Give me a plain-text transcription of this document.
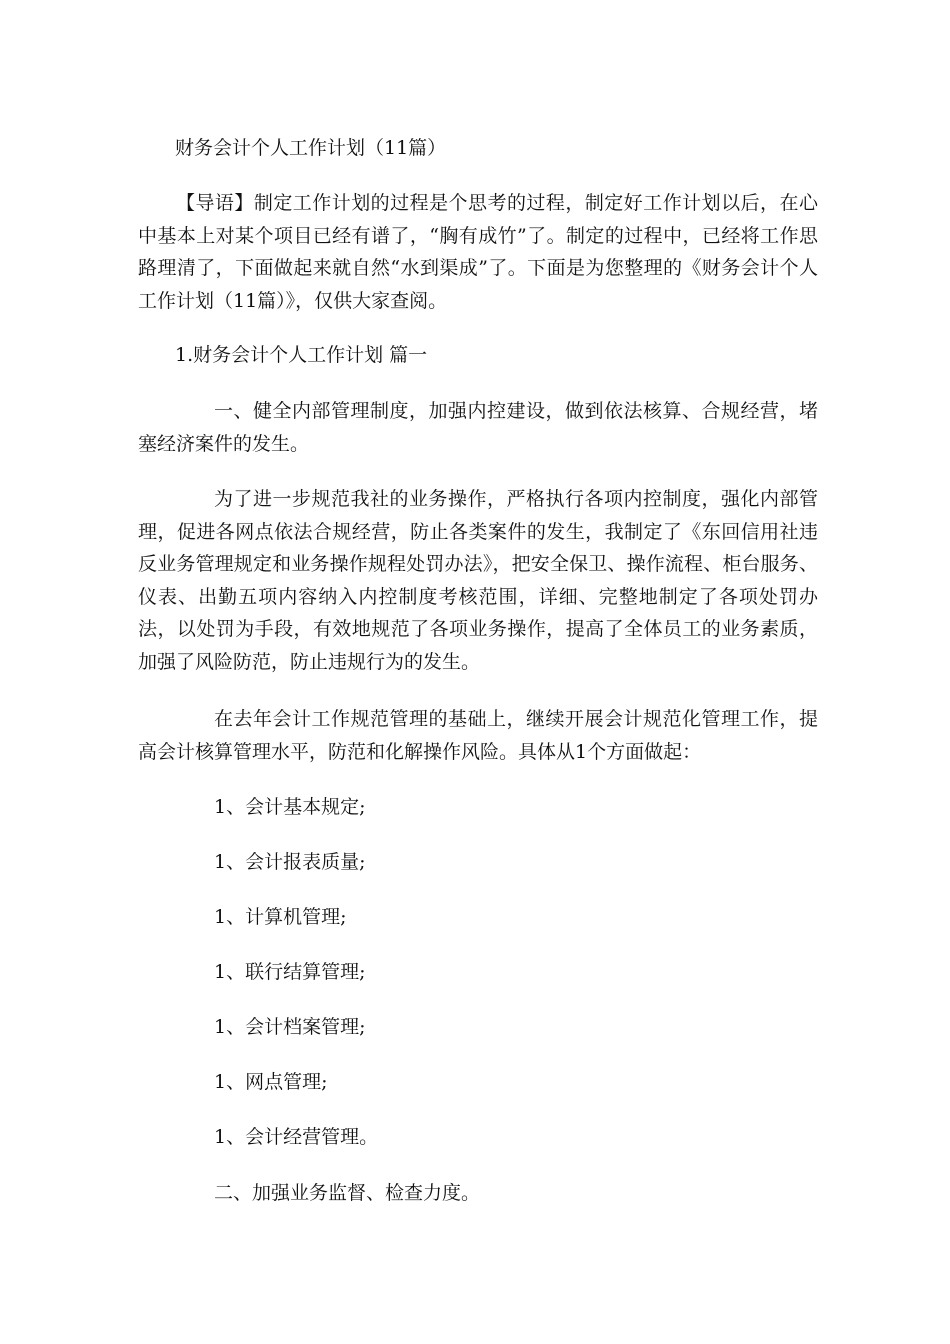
财务会计个人工作计划（11篇）

【导语】制定工作计划的过程是个思考的过程，制定好工作计划以后，在心中基本上对某个项目已经有谱了，“胸有成竹”了。制定的过程中，已经将工作思路理清了，下面做起来就自然“水到渠成”了。下面是为您整理的《财务会计个人工作计划（11篇）》，仅供大家查阅。

1.财务会计个人工作计划 篇一

一、健全内部管理制度，加强内控建设，做到依法核算、合规经营，堵塞经济案件的发生。

为了进一步规范我社的业务操作，严格执行各项内控制度，强化内部管理，促进各网点依法合规经营，防止各类案件的发生，我制定了《东回信用社违反业务管理规定和业务操作规程处罚办法》，把安全保卫、操作流程、柜台服务、仪表、出勤五项内容纳入内控制度考核范围，详细、完整地制定了各项处罚办法，以处罚为手段，有效地规范了各项业务操作，提高了全体员工的业务素质，加强了风险防范，防止违规行为的发生。

在去年会计工作规范管理的基础上，继续开展会计规范化管理工作，提高会计核算管理水平，防范和化解操作风险。具体从1个方面做起：

1、会计基本规定;
1、会计报表质量;
1、计算机管理;
1、联行结算管理;
1、会计档案管理;
1、网点管理;
1、会计经营管理。
二、加强业务监督、检查力度。
